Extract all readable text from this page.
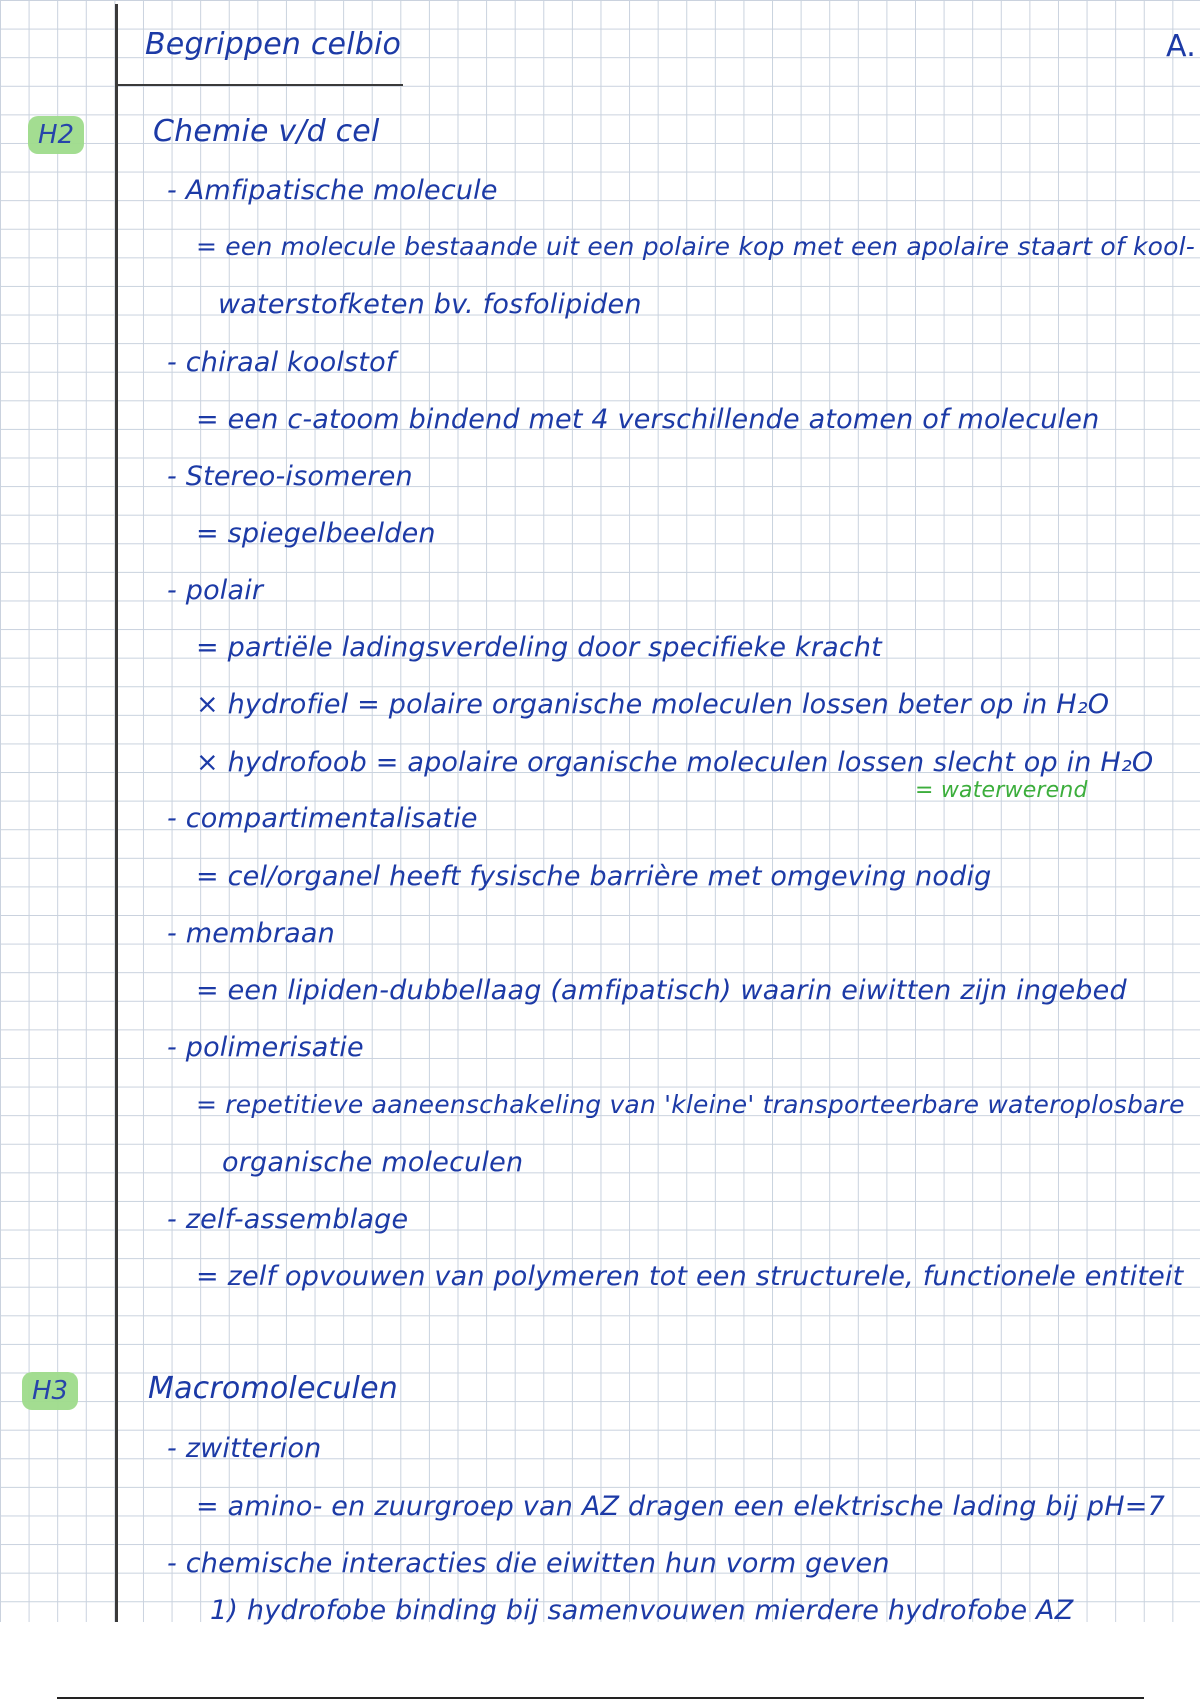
Begrippen celbio	A.

H2	Chemie v/d cel

- Amfipatische molecule

= een molecule bestaande uit een polaire kop met een apolaire staart of kool-

waterstofketen bv. fosfolipiden

- chiraal koolstof

= een c-atoom bindend met 4 verschillende atomen of moleculen

- Stereo-isomeren

= spiegelbeelden

- polair

= partiële ladingsverdeling door specifieke kracht

× hydrofiel = polaire organische moleculen lossen beter op in H₂O

× hydrofoob = apolaire organische moleculen lossen slecht op in H₂O

= waterwerend

- compartimentalisatie

= cel/organel heeft fysische barrière met omgeving nodig

- membraan

= een lipiden-dubbellaag (amfipatisch) waarin eiwitten zijn ingebed

- polimerisatie

= repetitieve aaneenschakeling van 'kleine' transporteerbare wateroplosbare

organische moleculen

- zelf-assemblage

= zelf opvouwen van polymeren tot een structurele, functionele entiteit

H3	Macromoleculen

- zwitterion

= amino- en zuurgroep van AZ dragen een elektrische lading bij pH=7

- chemische interacties die eiwitten hun vorm geven

1) hydrofobe binding bij samenvouwen mierdere hydrofobe AZ
